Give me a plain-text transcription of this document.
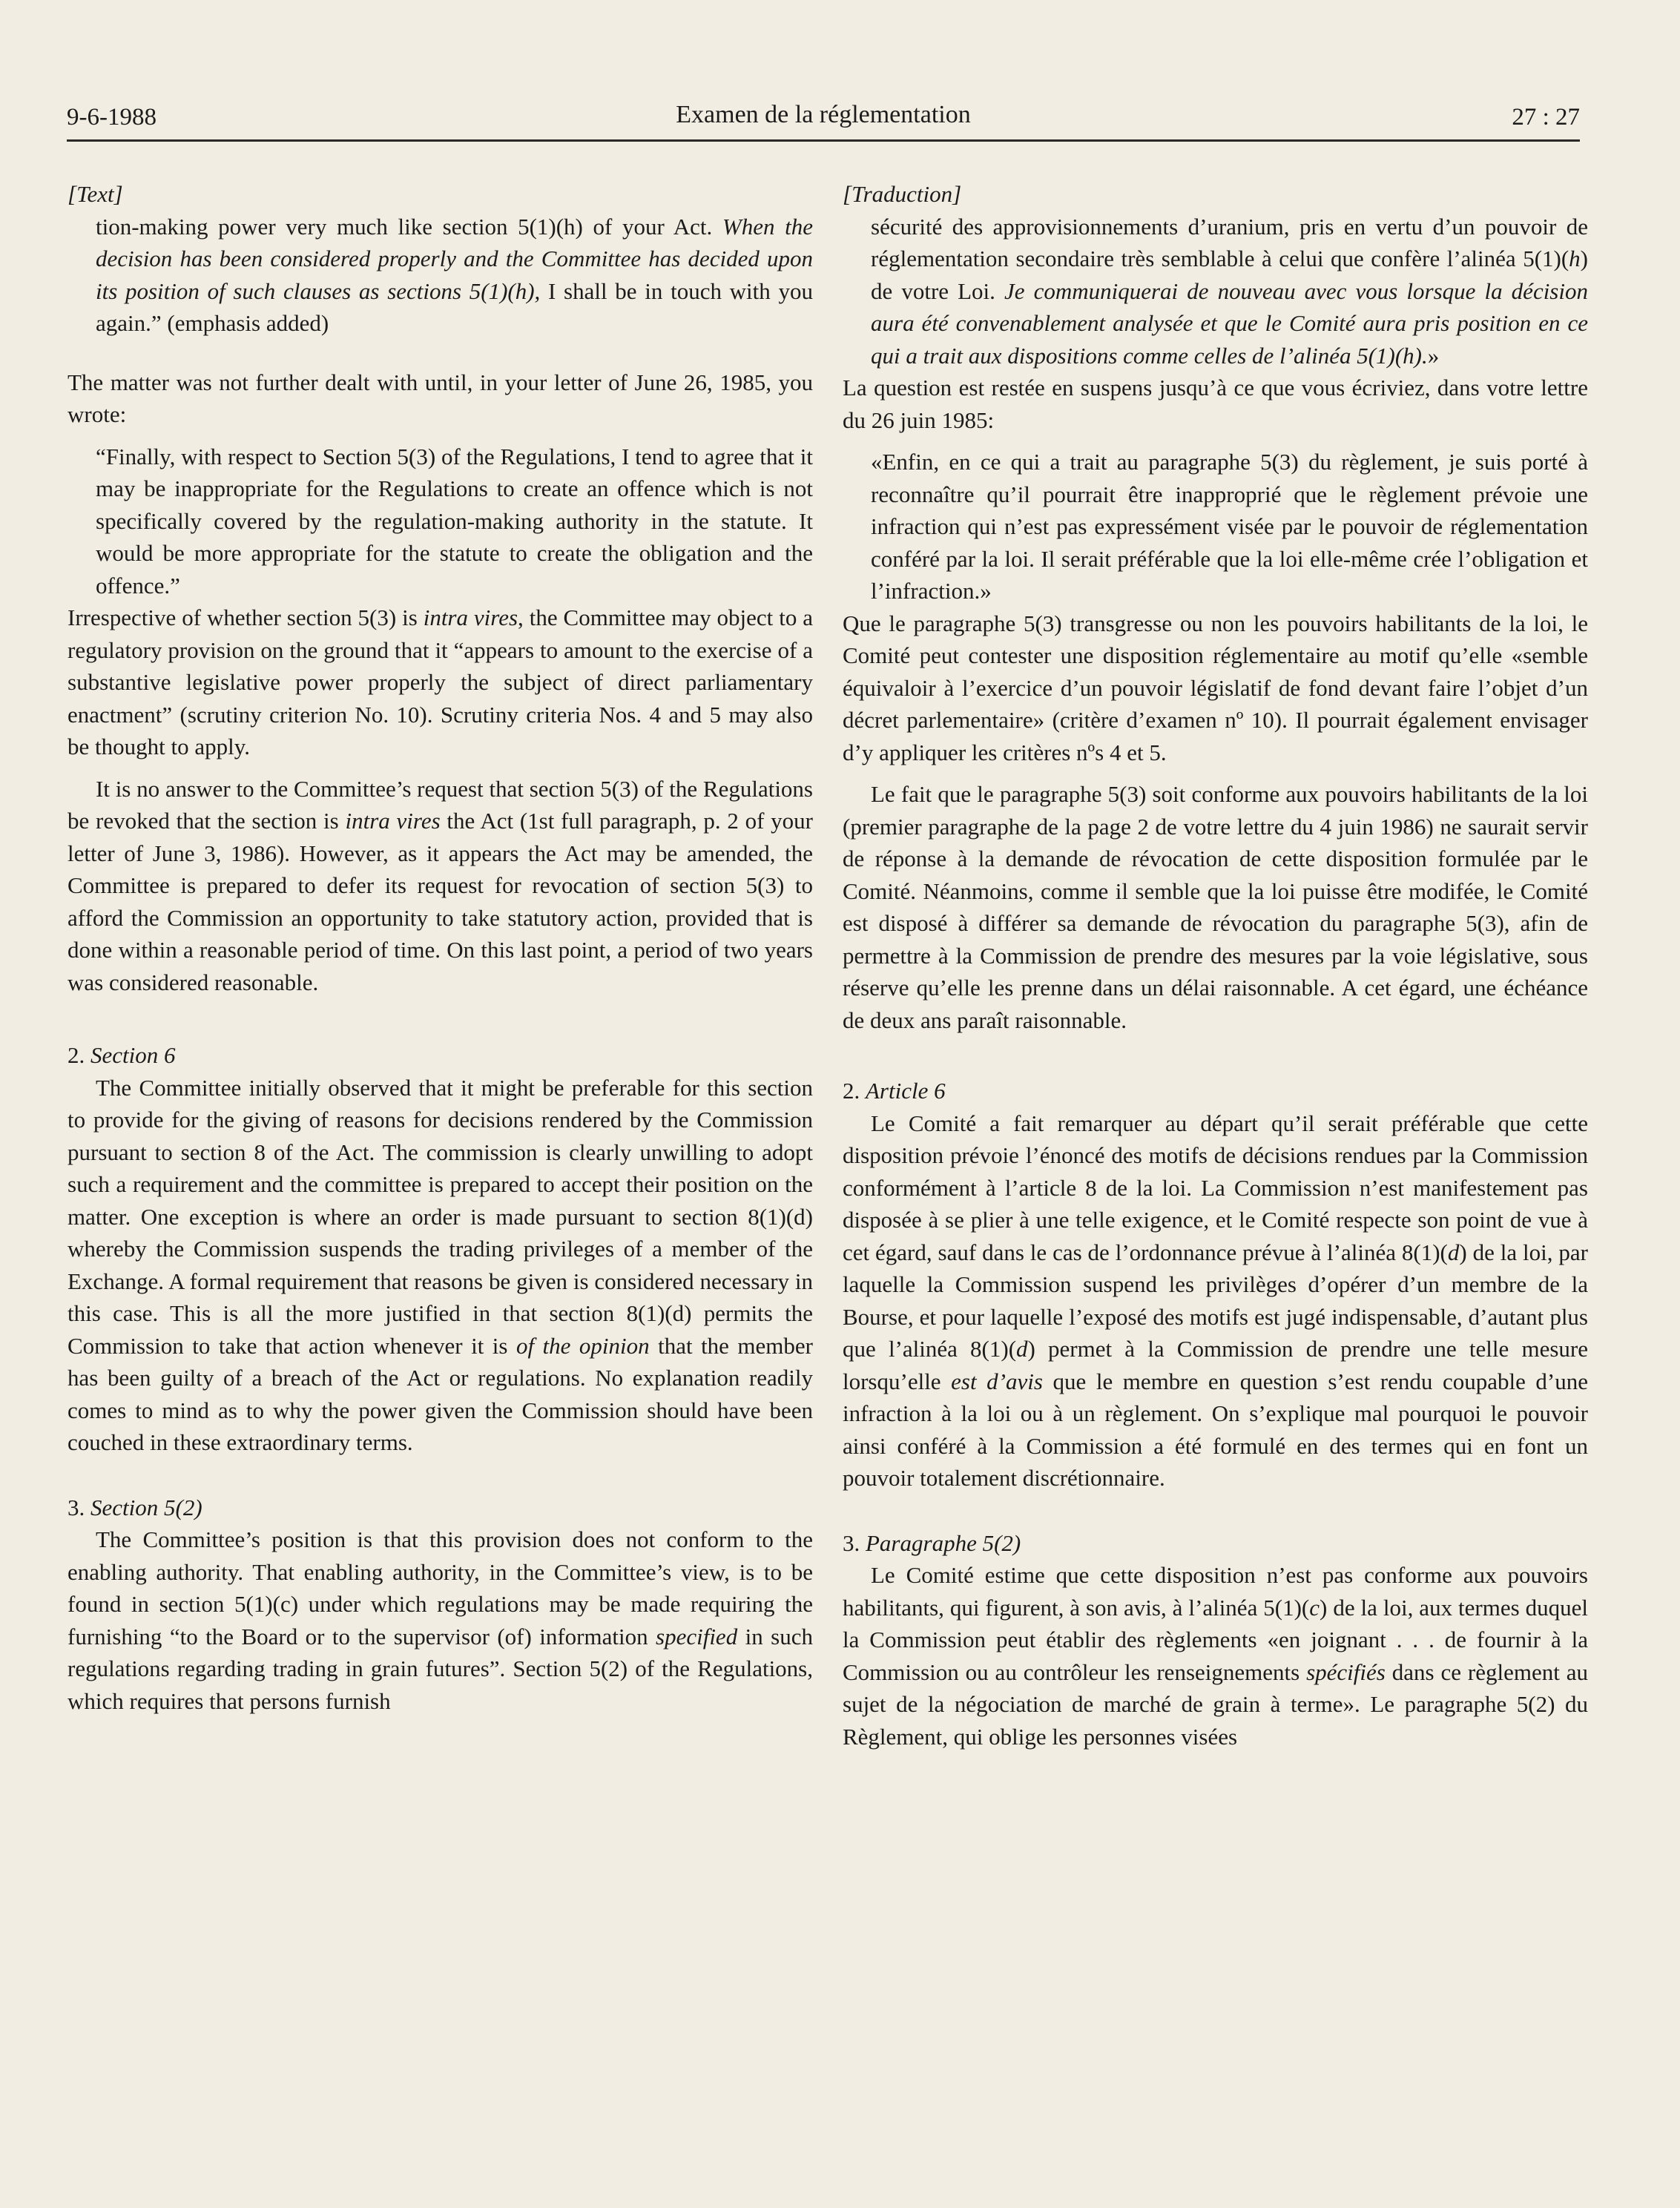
9-6-1988	Examen de la réglementation	27 : 27

[Text]

tion-making power very much like section 5(1)(h) of your Act. When the decision has been considered properly and the Committee has decided upon its position of such clauses as sections 5(1)(h), I shall be in touch with you again.” (emphasis added)

The matter was not further dealt with until, in your letter of June 26, 1985, you wrote:

“Finally, with respect to Section 5(3) of the Regulations, I tend to agree that it may be inappropriate for the Regulations to create an offence which is not specifically covered by the regulation-making authority in the statute. It would be more appropriate for the statute to create the obligation and the offence.”

Irrespective of whether section 5(3) is intra vires, the Committee may object to a regulatory provision on the ground that it “appears to amount to the exercise of a substantive legislative power properly the subject of direct parliamentary enactment” (scrutiny criterion No. 10). Scrutiny criteria Nos. 4 and 5 may also be thought to apply.

It is no answer to the Committee’s request that section 5(3) of the Regulations be revoked that the section is intra vires the Act (1st full paragraph, p. 2 of your letter of June 3, 1986). However, as it appears the Act may be amended, the Committee is prepared to defer its request for revocation of section 5(3) to afford the Commission an opportunity to take statutory action, provided that is done within a reasonable period of time. On this last point, a period of two years was considered reasonable.

2. Section 6

The Committee initially observed that it might be preferable for this section to provide for the giving of reasons for decisions rendered by the Commission pursuant to section 8 of the Act. The commission is clearly unwilling to adopt such a requirement and the committee is prepared to accept their position on the matter. One exception is where an order is made pursuant to section 8(1)(d) whereby the Commission suspends the trading privileges of a member of the Exchange. A formal requirement that reasons be given is considered necessary in this case. This is all the more justified in that section 8(1)(d) permits the Commission to take that action whenever it is of the opinion that the member has been guilty of a breach of the Act or regulations. No explanation readily comes to mind as to why the power given the Commission should have been couched in these extraordinary terms.

3. Section 5(2)

The Committee’s position is that this provision does not conform to the enabling authority. That enabling authority, in the Committee’s view, is to be found in section 5(1)(c) under which regulations may be made requiring the furnishing “to the Board or to the supervisor (of) information specified in such regulations regarding trading in grain futures”. Section 5(2) of the Regulations, which requires that persons furnish

[Traduction]

sécurité des approvisionnements d’uranium, pris en vertu d’un pouvoir de réglementation secondaire très semblable à celui que confère l’alinéa 5(1)(h) de votre Loi. Je communiquerai de nouveau avec vous lorsque la décision aura été convenablement analysée et que le Comité aura pris position en ce qui a trait aux dispositions comme celles de l’alinéa 5(1)(h).»

La question est restée en suspens jusqu’à ce que vous écriviez, dans votre lettre du 26 juin 1985:

«Enfin, en ce qui a trait au paragraphe 5(3) du règlement, je suis porté à reconnaître qu’il pourrait être inapproprié que le règlement prévoie une infraction qui n’est pas expressément visée par le pouvoir de réglementation conféré par la loi. Il serait préférable que la loi elle-même crée l’obligation et l’infraction.»

Que le paragraphe 5(3) transgresse ou non les pouvoirs habilitants de la loi, le Comité peut contester une disposition réglementaire au motif qu’elle «semble équivaloir à l’exercice d’un pouvoir législatif de fond devant faire l’objet d’un décret parlementaire» (critère d’examen nº 10). Il pourrait également envisager d’y appliquer les critères nºs 4 et 5.

Le fait que le paragraphe 5(3) soit conforme aux pouvoirs habilitants de la loi (premier paragraphe de la page 2 de votre lettre du 4 juin 1986) ne saurait servir de réponse à la demande de révocation de cette disposition formulée par le Comité. Néanmoins, comme il semble que la loi puisse être modifée, le Comité est disposé à différer sa demande de révocation du paragraphe 5(3), afin de permettre à la Commission de prendre des mesures par la voie législative, sous réserve qu’elle les prenne dans un délai raisonnable. A cet égard, une échéance de deux ans paraît raisonnable.

2. Article 6

Le Comité a fait remarquer au départ qu’il serait préférable que cette disposition prévoie l’énoncé des motifs de décisions rendues par la Commission conformément à l’article 8 de la loi. La Commission n’est manifestement pas disposée à se plier à une telle exigence, et le Comité respecte son point de vue à cet égard, sauf dans le cas de l’ordonnance prévue à l’alinéa 8(1)(d) de la loi, par laquelle la Commission suspend les privilèges d’opérer d’un membre de la Bourse, et pour laquelle l’exposé des motifs est jugé indispensable, d’autant plus que l’alinéa 8(1)(d) permet à la Commission de prendre une telle mesure lorsqu’elle est d’avis que le membre en question s’est rendu coupable d’une infraction à la loi ou à un règlement. On s’explique mal pourquoi le pouvoir ainsi conféré à la Commission a été formulé en des termes qui en font un pouvoir totalement discrétionnaire.

3. Paragraphe 5(2)

Le Comité estime que cette disposition n’est pas conforme aux pouvoirs habilitants, qui figurent, à son avis, à l’alinéa 5(1)(c) de la loi, aux termes duquel la Commission peut établir des règlements «en joignant . . . de fournir à la Commission ou au contrôleur les renseignements spécifiés dans ce règlement au sujet de la négociation de marché de grain à terme». Le paragraphe 5(2) du Règlement, qui oblige les personnes visées
